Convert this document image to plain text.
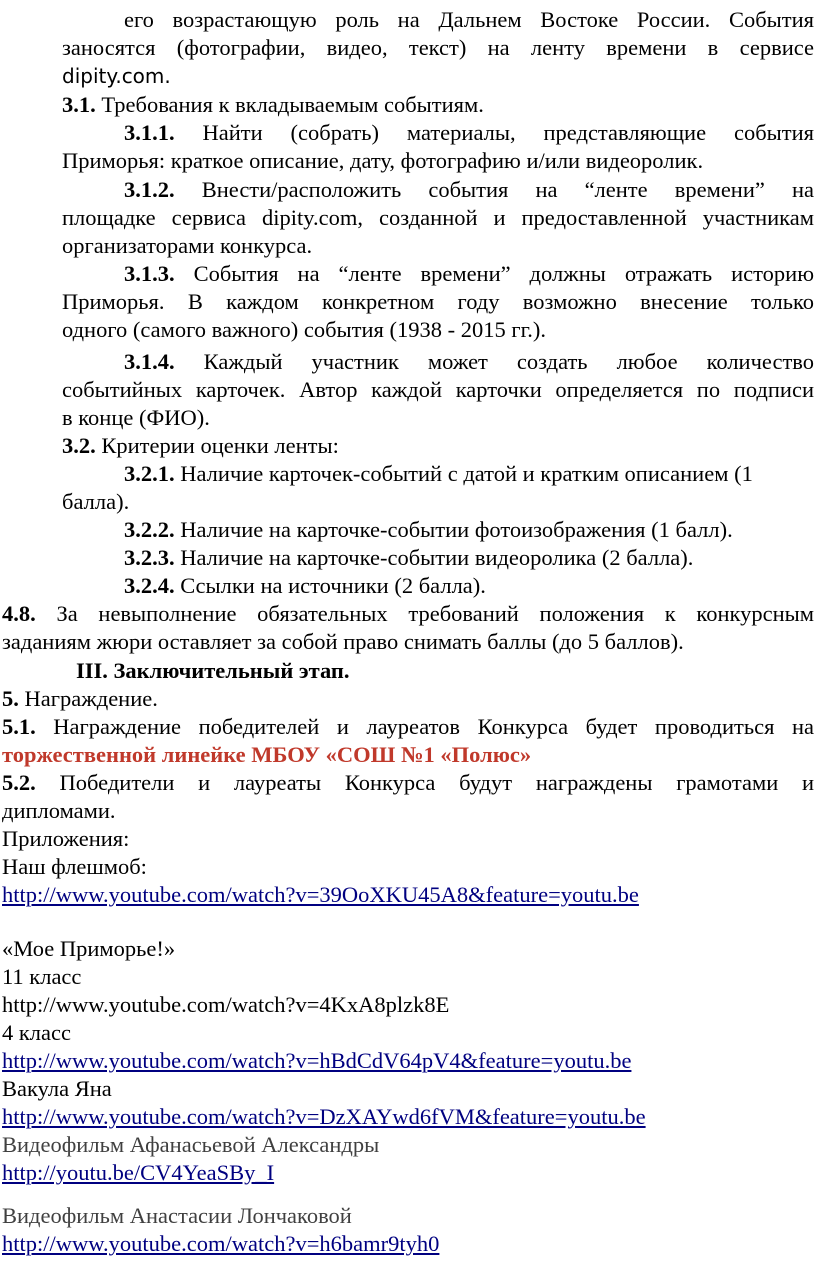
его возрастающую роль на Дальнем Востоке России. События
заносятся (фотографии, видео, текст) на ленту времени в сервисе
dipity.com.
3.1. Требования к вкладываемым событиям.
3.1.1. Найти (собрать) материалы, представляющие события
Приморья: краткое описание, дату, фотографию и/или видеоролик.
3.1.2. Внести/расположить события на “ленте времени” на
площадке сервиса dipity.com, созданной и предоставленной участникам
организаторами конкурса.
3.1.3. События на “ленте времени” должны отражать историю
Приморья. В каждом конкретном году возможно внесение только
одного (самого важного) события (1938 - 2015 гг.).
3.1.4. Каждый участник может создать любое количество
событийных карточек. Автор каждой карточки определяется по подписи
в конце (ФИО).
3.2. Критерии оценки ленты:
3.2.1. Наличие карточек-событий с датой и кратким описанием (1
балла).
3.2.2. Наличие на карточке-событии фотоизображения (1 балл).
3.2.3. Наличие на карточке-событии видеоролика (2 балла).
3.2.4. Ссылки на источники (2 балла).
4.8. За невыполнение обязательных требований положения к конкурсным
заданиям жюри оставляет за собой право снимать баллы (до 5 баллов).
III. Заключительный этап.
5. Награждение.
5.1. Награждение победителей и лауреатов Конкурса будет проводиться на
торжественной линейке МБОУ «СОШ №1 «Полюс»
5.2. Победители и лауреаты Конкурса будут награждены грамотами и
дипломами.
Приложения:
Наш флешмоб:
http://www.youtube.com/watch?v=39OoXKU45A8&feature=youtu.be
«Мое Приморье!»
11 класс
http://www.youtube.com/watch?v=4KxA8plzk8E
4 класс
http://www.youtube.com/watch?v=hBdCdV64pV4&feature=youtu.be
Вакула Яна
http://www.youtube.com/watch?v=DzXAYwd6fVM&feature=youtu.be
Видеофильм Афанасьевой Александры
http://youtu.be/CV4YeaSBy_I
Видеофильм Анастасии Лончаковой
http://www.youtube.com/watch?v=h6bamr9tyh0
